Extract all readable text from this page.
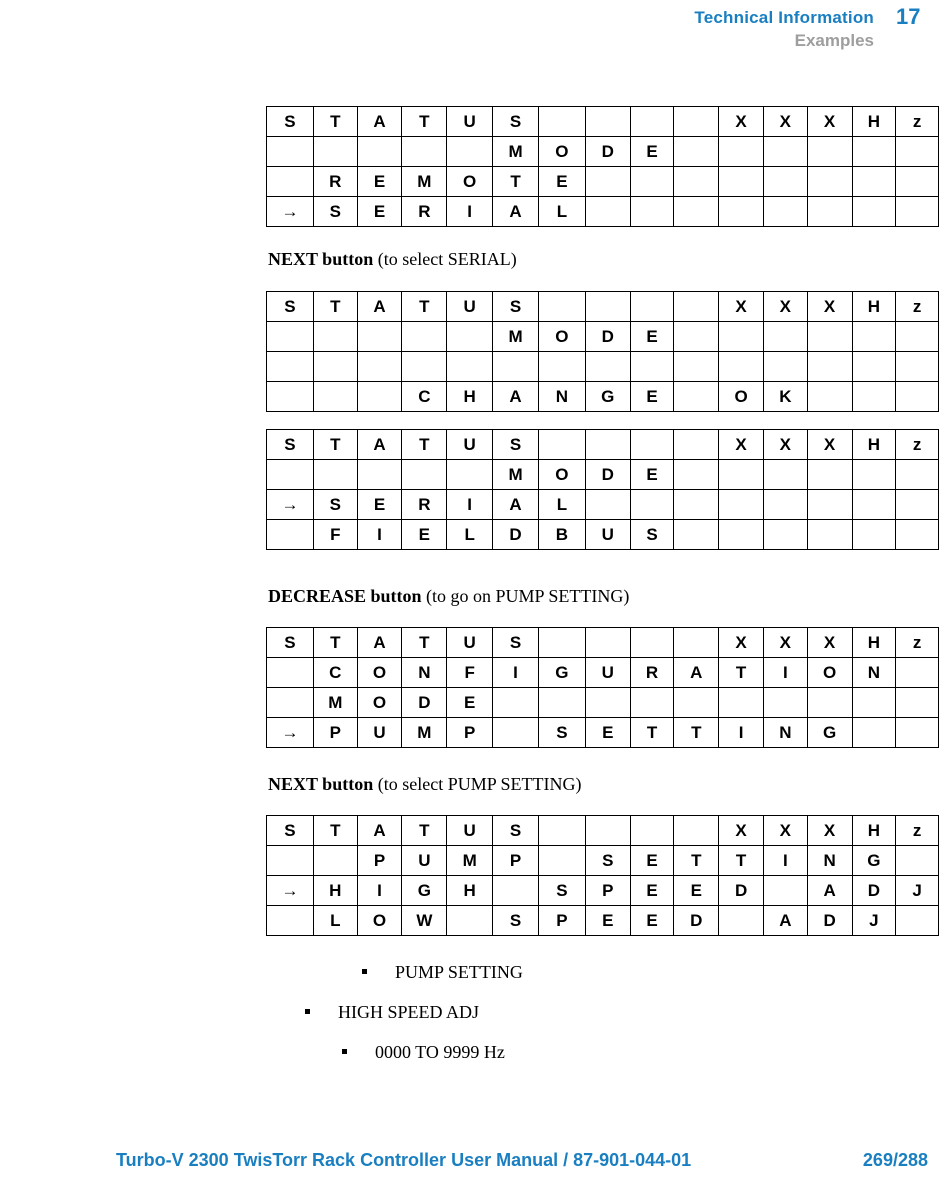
Technical Information 17
Examples
S	T	A	T	U	S					X	X	X	H	z
					M	O	D	E						
	R	E	M	O	T	E								
→	S	E	R	I	A	L								

NEXT button (to select SERIAL)

S	T	A	T	U	S					X	X	X	H	z
					M	O	D	E						

			C	H	A	N	G	E		O	K			
S	T	A	T	U	S					X	X	X	H	z
					M	O	D	E						
→	S	E	R	I	A	L								
	F	I	E	L	D	B	U	S						

DECREASE button (to go on PUMP SETTING)

S	T	A	T	U	S					X	X	X	H	z
	C	O	N	F	I	G	U	R	A	T	I	O	N	
	M	O	D	E										
→	P	U	M	P		S	E	T	T	I	N	G		

NEXT button (to select PUMP SETTING)

S	T	A	T	U	S					X	X	X	H	z
		P	U	M	P		S	E	T	T	I	N	G	
→	H	I	G	H		S	P	E	E	D		A	D	J
	L	O	W		S	P	E	E	D		A	D	J	

PUMP SETTING

HIGH SPEED ADJ

0000 TO 9999 Hz

Turbo-V 2300 TwisTorr Rack Controller User Manual / 87-901-044-01	269/288
